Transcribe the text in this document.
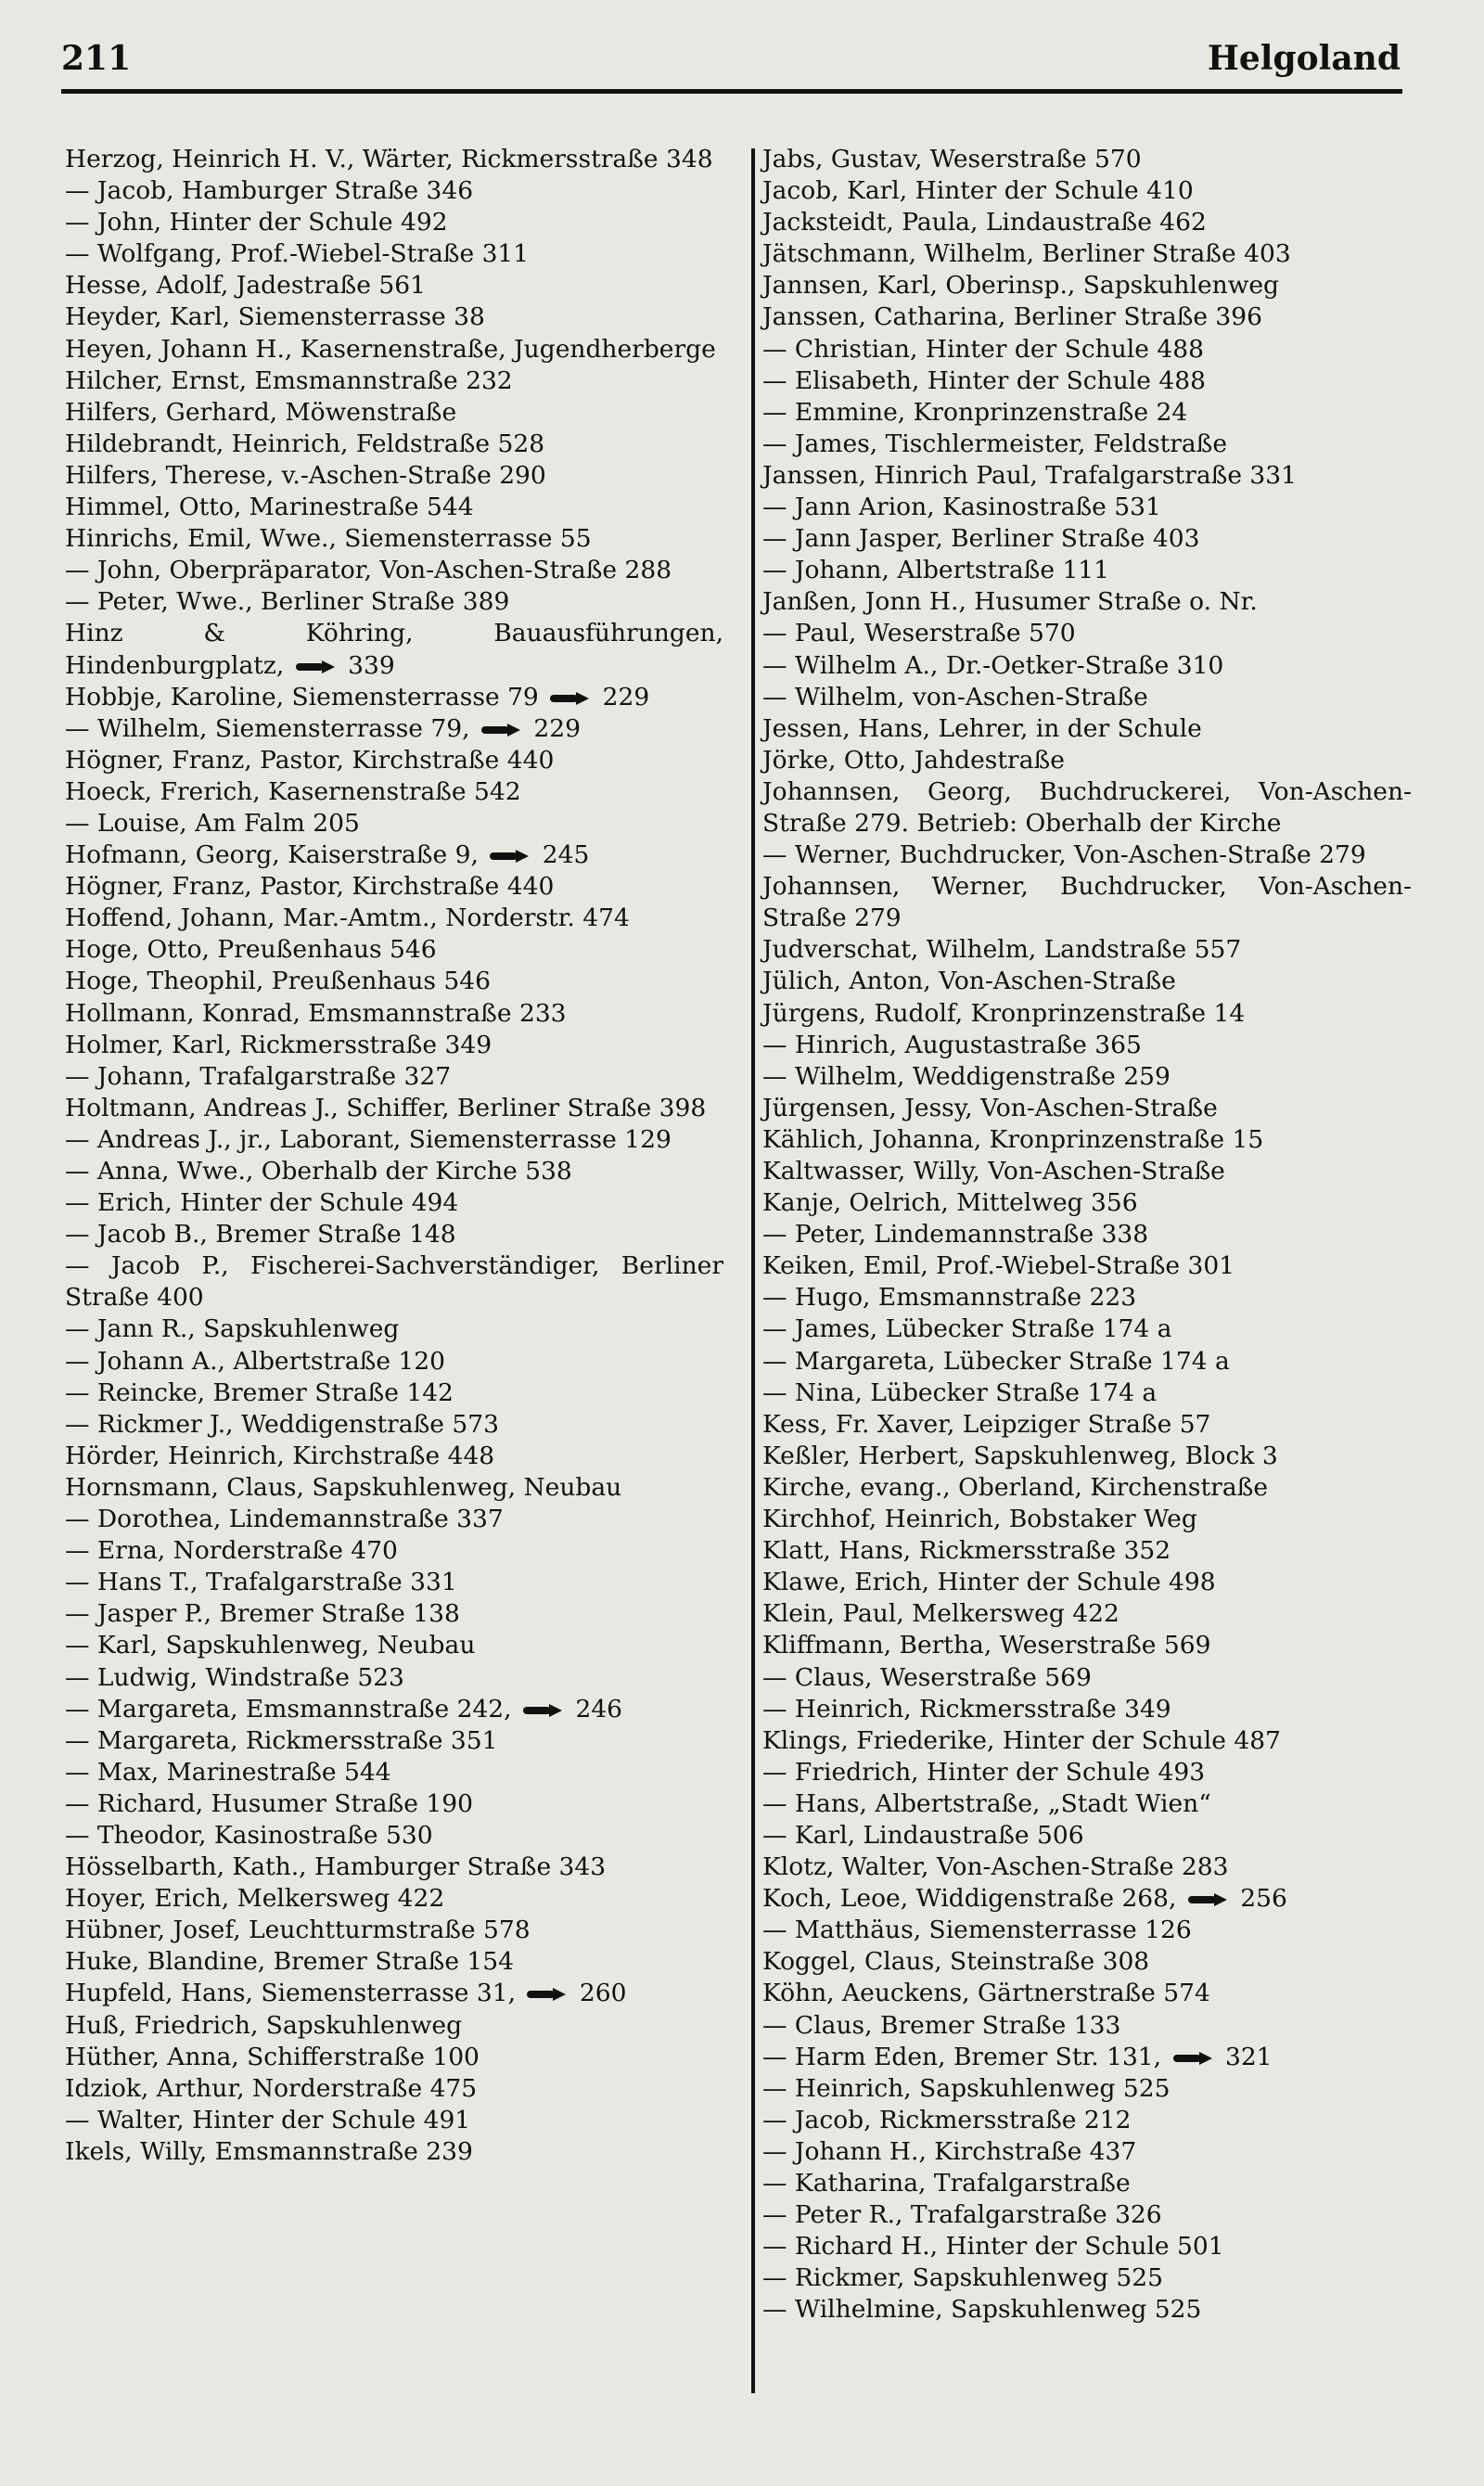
211	Helgoland
Herzog, Heinrich H. V., Wärter, Rickmersstraße 348
— Jacob, Hamburger Straße 346
— John, Hinter der Schule 492
— Wolfgang, Prof.-Wiebel-Straße 311
Hesse, Adolf, Jadestraße 561
Heyder, Karl, Siemensterrasse 38
Heyen, Johann H., Kasernenstraße, Jugendherberge
Hilcher, Ernst, Emsmannstraße 232
Hilfers, Gerhard, Möwenstraße
Hildebrandt, Heinrich, Feldstraße 528
Hilfers, Therese, v.-Aschen-Straße 290
Himmel, Otto, Marinestraße 544
Hinrichs, Emil, Wwe., Siemensterrasse 55
— John, Oberpräparator, Von-Aschen-Straße 288
— Peter, Wwe., Berliner Straße 389
Hinz & Köhring, Bauausführungen, Hindenburgplatz,  339
Hobbje, Karoline, Siemensterrasse 79  229
— Wilhelm, Siemensterrasse 79,  229
Högner, Franz, Pastor, Kirchstraße 440
Hoeck, Frerich, Kasernenstraße 542
— Louise, Am Falm 205
Hofmann, Georg, Kaiserstraße 9,  245
Högner, Franz, Pastor, Kirchstraße 440
Hoffend, Johann, Mar.-Amtm., Norderstr. 474
Hoge, Otto, Preußenhaus 546
Hoge, Theophil, Preußenhaus 546
Hollmann, Konrad, Emsmannstraße 233
Holmer, Karl, Rickmersstraße 349
— Johann, Trafalgarstraße 327
Holtmann, Andreas J., Schiffer, Berliner Straße 398
— Andreas J., jr., Laborant, Siemensterrasse 129
— Anna, Wwe., Oberhalb der Kirche 538
— Erich, Hinter der Schule 494
— Jacob B., Bremer Straße 148
— Jacob P., Fischerei-Sachverständiger, Berliner Straße 400
— Jann R., Sapskuhlenweg
— Johann A., Albertstraße 120
— Reincke, Bremer Straße 142
— Rickmer J., Weddigenstraße 573
Hörder, Heinrich, Kirchstraße 448
Hornsmann, Claus, Sapskuhlenweg, Neubau
— Dorothea, Lindemannstraße 337
— Erna, Norderstraße 470
— Hans T., Trafalgarstraße 331
— Jasper P., Bremer Straße 138
— Karl, Sapskuhlenweg, Neubau
— Ludwig, Windstraße 523
— Margareta, Emsmannstraße 242,  246
— Margareta, Rickmersstraße 351
— Max, Marinestraße 544
— Richard, Husumer Straße 190
— Theodor, Kasinostraße 530
Hösselbarth, Kath., Hamburger Straße 343
Hoyer, Erich, Melkersweg 422
Hübner, Josef, Leuchtturmstraße 578
Huke, Blandine, Bremer Straße 154
Hupfeld, Hans, Siemensterrasse 31,  260
Huß, Friedrich, Sapskuhlenweg
Hüther, Anna, Schifferstraße 100
Idziok, Arthur, Norderstraße 475
— Walter, Hinter der Schule 491
Ikels, Willy, Emsmannstraße 239
Jabs, Gustav, Weserstraße 570
Jacob, Karl, Hinter der Schule 410
Jacksteidt, Paula, Lindaustraße 462
Jätschmann, Wilhelm, Berliner Straße 403
Jannsen, Karl, Oberinsp., Sapskuhlenweg
Janssen, Catharina, Berliner Straße 396
— Christian, Hinter der Schule 488
— Elisabeth, Hinter der Schule 488
— Emmine, Kronprinzenstraße 24
— James, Tischlermeister, Feldstraße
Janssen, Hinrich Paul, Trafalgarstraße 331
— Jann Arion, Kasinostraße 531
— Jann Jasper, Berliner Straße 403
— Johann, Albertstraße 111
Janßen, Jonn H., Husumer Straße o. Nr.
— Paul, Weserstraße 570
— Wilhelm A., Dr.-Oetker-Straße 310
— Wilhelm, von-Aschen-Straße
Jessen, Hans, Lehrer, in der Schule
Jörke, Otto, Jahdestraße
Johannsen, Georg, Buchdruckerei, Von-Aschen-Straße 279. Betrieb: Oberhalb der Kirche
— Werner, Buchdrucker, Von-Aschen-Straße 279
Johannsen, Werner, Buchdrucker, Von-Aschen-Straße 279
Judverschat, Wilhelm, Landstraße 557
Jülich, Anton, Von-Aschen-Straße
Jürgens, Rudolf, Kronprinzenstraße 14
— Hinrich, Augustastraße 365
— Wilhelm, Weddigenstraße 259
Jürgensen, Jessy, Von-Aschen-Straße
Kählich, Johanna, Kronprinzenstraße 15
Kaltwasser, Willy, Von-Aschen-Straße
Kanje, Oelrich, Mittelweg 356
— Peter, Lindemannstraße 338
Keiken, Emil, Prof.-Wiebel-Straße 301
— Hugo, Emsmannstraße 223
— James, Lübecker Straße 174 a
— Margareta, Lübecker Straße 174 a
— Nina, Lübecker Straße 174 a
Kess, Fr. Xaver, Leipziger Straße 57
Keßler, Herbert, Sapskuhlenweg, Block 3
Kirche, evang., Oberland, Kirchenstraße
Kirchhof, Heinrich, Bobstaker Weg
Klatt, Hans, Rickmersstraße 352
Klawe, Erich, Hinter der Schule 498
Klein, Paul, Melkersweg 422
Kliffmann, Bertha, Weserstraße 569
— Claus, Weserstraße 569
— Heinrich, Rickmersstraße 349
Klings, Friederike, Hinter der Schule 487
— Friedrich, Hinter der Schule 493
— Hans, Albertstraße, „Stadt Wien“
— Karl, Lindaustraße 506
Klotz, Walter, Von-Aschen-Straße 283
Koch, Leoe, Widdigenstraße 268,  256
— Matthäus, Siemensterrasse 126
Koggel, Claus, Steinstraße 308
Köhn, Aeuckens, Gärtnerstraße 574
— Claus, Bremer Straße 133
— Harm Eden, Bremer Str. 131,  321
— Heinrich, Sapskuhlenweg 525
— Jacob, Rickmersstraße 212
— Johann H., Kirchstraße 437
— Katharina, Trafalgarstraße
— Peter R., Trafalgarstraße 326
— Richard H., Hinter der Schule 501
— Rickmer, Sapskuhlenweg 525
— Wilhelmine, Sapskuhlenweg 525
